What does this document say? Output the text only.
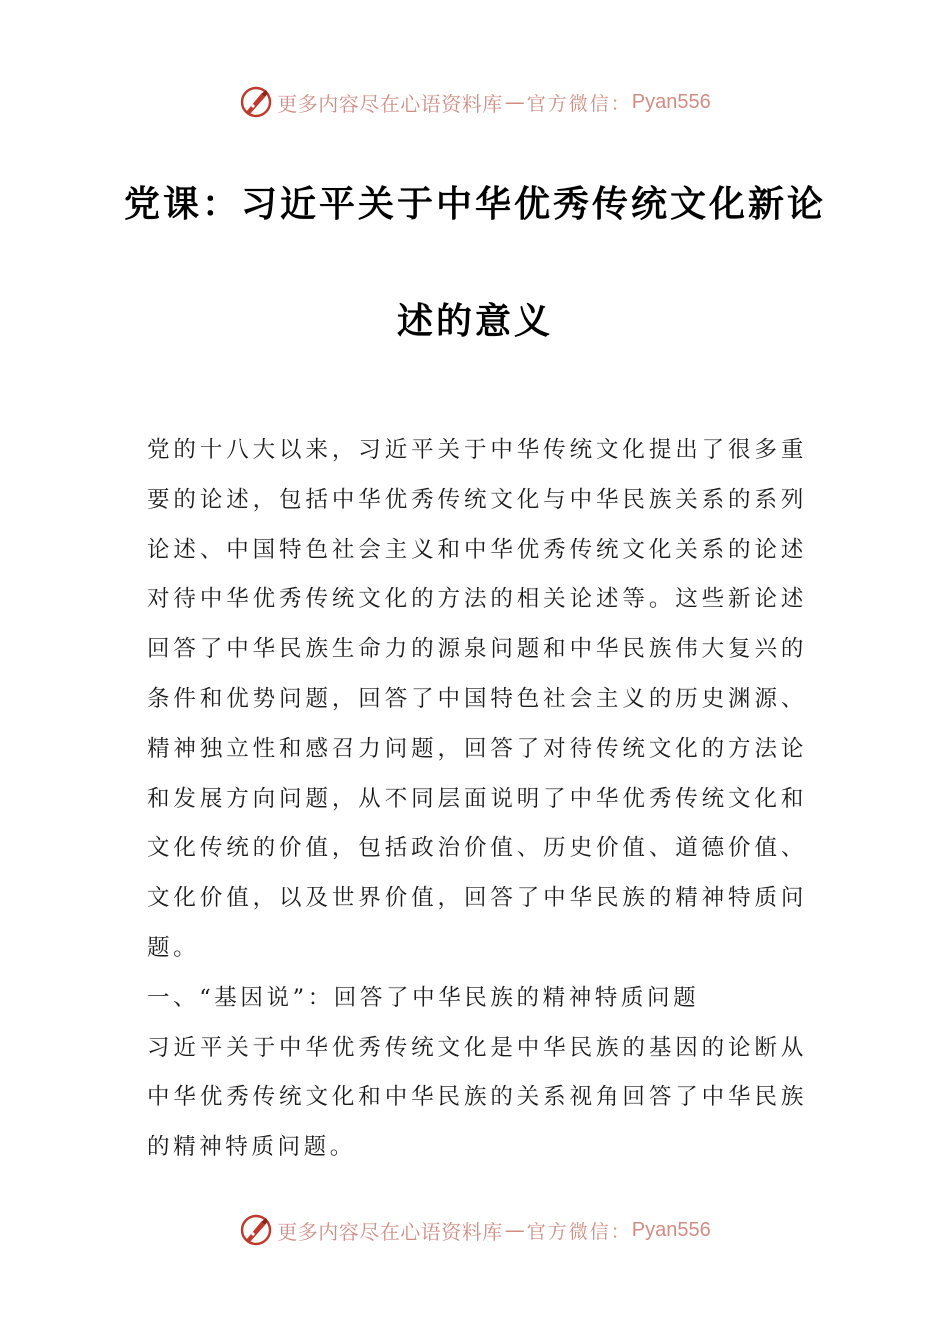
更多内容尽在心语资料库 — 官方微信： Pyan556
党课：习近平关于中华优秀传统文化新论
述的意义

党的十八大以来，习近平关于中华传统文化提出了很多重要的论述，包括中华优秀传统文化与中华民族关系的系列论述、中国特色社会主义和中华优秀传统文化关系的论述对待中华优秀传统文化的方法的相关论述等。这些新论述回答了中华民族生命力的源泉问题和中华民族伟大复兴的条件和优势问题，回答了中国特色社会主义的历史渊源、精神独立性和感召力问题，回答了对待传统文化的方法论和发展方向问题，从不同层面说明了中华优秀传统文化和文化传统的价值，包括政治价值、历史价值、道德价值、文化价值，以及世界价值，回答了中华民族的精神特质问题。

一、“基因说”：回答了中华民族的精神特质问题

习近平关于中华优秀传统文化是中华民族的基因的论断从中华优秀传统文化和中华民族的关系视角回答了中华民族的精神特质问题。

更多内容尽在心语资料库 — 官方微信： Pyan556
